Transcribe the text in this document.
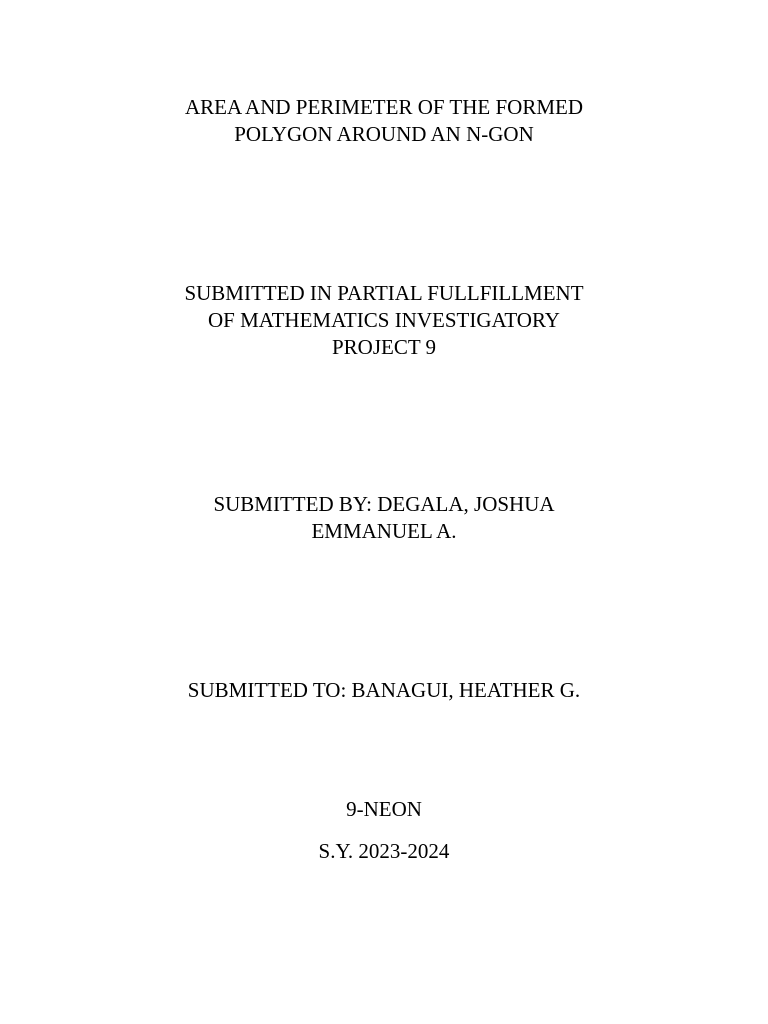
AREA AND PERIMETER OF THE FORMED
POLYGON AROUND AN N-GON
SUBMITTED IN PARTIAL FULLFILLMENT
OF MATHEMATICS INVESTIGATORY
PROJECT 9
SUBMITTED BY: DEGALA, JOSHUA
EMMANUEL A.
SUBMITTED TO: BANAGUI, HEATHER G.
9-NEON
S.Y. 2023-2024
